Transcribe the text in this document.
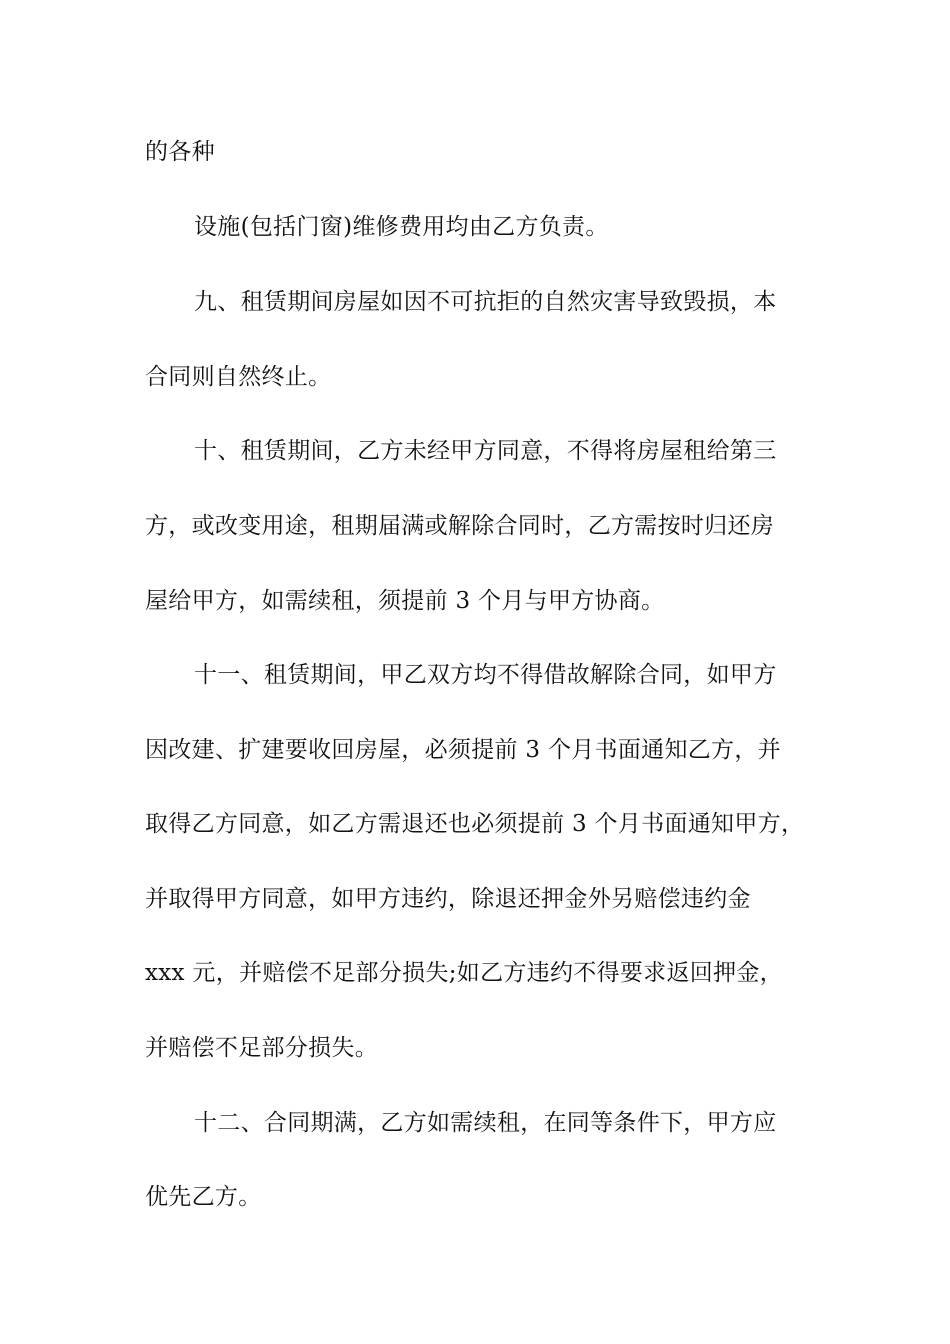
的各种
设施(包括门窗)维修费用均由乙方负责。
九、租赁期间房屋如因不可抗拒的自然灾害导致毁损，本
合同则自然终止。
十、租赁期间，乙方未经甲方同意，不得将房屋租给第三
方，或改变用途，租期届满或解除合同时，乙方需按时归还房
屋给甲方，如需续租，须提前 3 个月与甲方协商。
十一、租赁期间，甲乙双方均不得借故解除合同，如甲方
因改建、扩建要收回房屋，必须提前 3 个月书面通知乙方，并
取得乙方同意，如乙方需退还也必须提前 3 个月书面通知甲方，
并取得甲方同意，如甲方违约，除退还押金外另赔偿违约金
xxx 元，并赔偿不足部分损失;如乙方违约不得要求返回押金，
并赔偿不足部分损失。
十二、合同期满，乙方如需续租，在同等条件下，甲方应
优先乙方。
